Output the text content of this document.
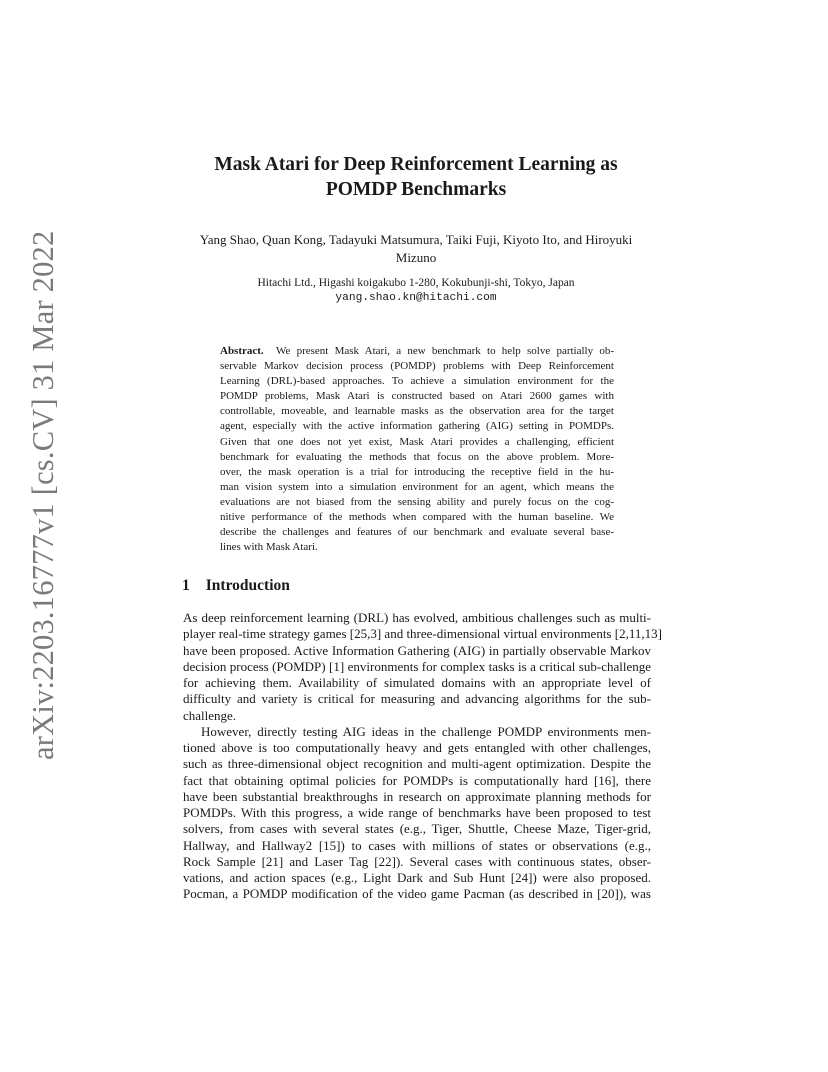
arXiv:2203.16777v1 [cs.CV] 31 Mar 2022
Mask Atari for Deep Reinforcement Learning as
POMDP Benchmarks
Yang Shao, Quan Kong, Tadayuki Matsumura, Taiki Fuji, Kiyoto Ito, and Hiroyuki
Mizuno
Hitachi Ltd., Higashi koigakubo 1-280, Kokubunji-shi, Tokyo, Japan
yang.shao.kn@hitachi.com
Abstract. We present Mask Atari, a new benchmark to help solve partially ob-
servable Markov decision process (POMDP) problems with Deep Reinforcement
Learning (DRL)-based approaches. To achieve a simulation environment for the
POMDP problems, Mask Atari is constructed based on Atari 2600 games with
controllable, moveable, and learnable masks as the observation area for the target
agent, especially with the active information gathering (AIG) setting in POMDPs.
Given that one does not yet exist, Mask Atari provides a challenging, efficient
benchmark for evaluating the methods that focus on the above problem. More-
over, the mask operation is a trial for introducing the receptive field in the hu-
man vision system into a simulation environment for an agent, which means the
evaluations are not biased from the sensing ability and purely focus on the cog-
nitive performance of the methods when compared with the human baseline. We
describe the challenges and features of our benchmark and evaluate several base-
lines with Mask Atari.
1 Introduction
As deep reinforcement learning (DRL) has evolved, ambitious challenges such as multi-
player real-time strategy games [25,3] and three-dimensional virtual environments [2,11,13]
have been proposed. Active Information Gathering (AIG) in partially observable Markov
decision process (POMDP) [1] environments for complex tasks is a critical sub-challenge
for achieving them. Availability of simulated domains with an appropriate level of
difficulty and variety is critical for measuring and advancing algorithms for the sub-
challenge.
However, directly testing AIG ideas in the challenge POMDP environments men-
tioned above is too computationally heavy and gets entangled with other challenges,
such as three-dimensional object recognition and multi-agent optimization. Despite the
fact that obtaining optimal policies for POMDPs is computationally hard [16], there
have been substantial breakthroughs in research on approximate planning methods for
POMDPs. With this progress, a wide range of benchmarks have been proposed to test
solvers, from cases with several states (e.g., Tiger, Shuttle, Cheese Maze, Tiger-grid,
Hallway, and Hallway2 [15]) to cases with millions of states or observations (e.g.,
Rock Sample [21] and Laser Tag [22]). Several cases with continuous states, obser-
vations, and action spaces (e.g., Light Dark and Sub Hunt [24]) were also proposed.
Pocman, a POMDP modification of the video game Pacman (as described in [20]), was
